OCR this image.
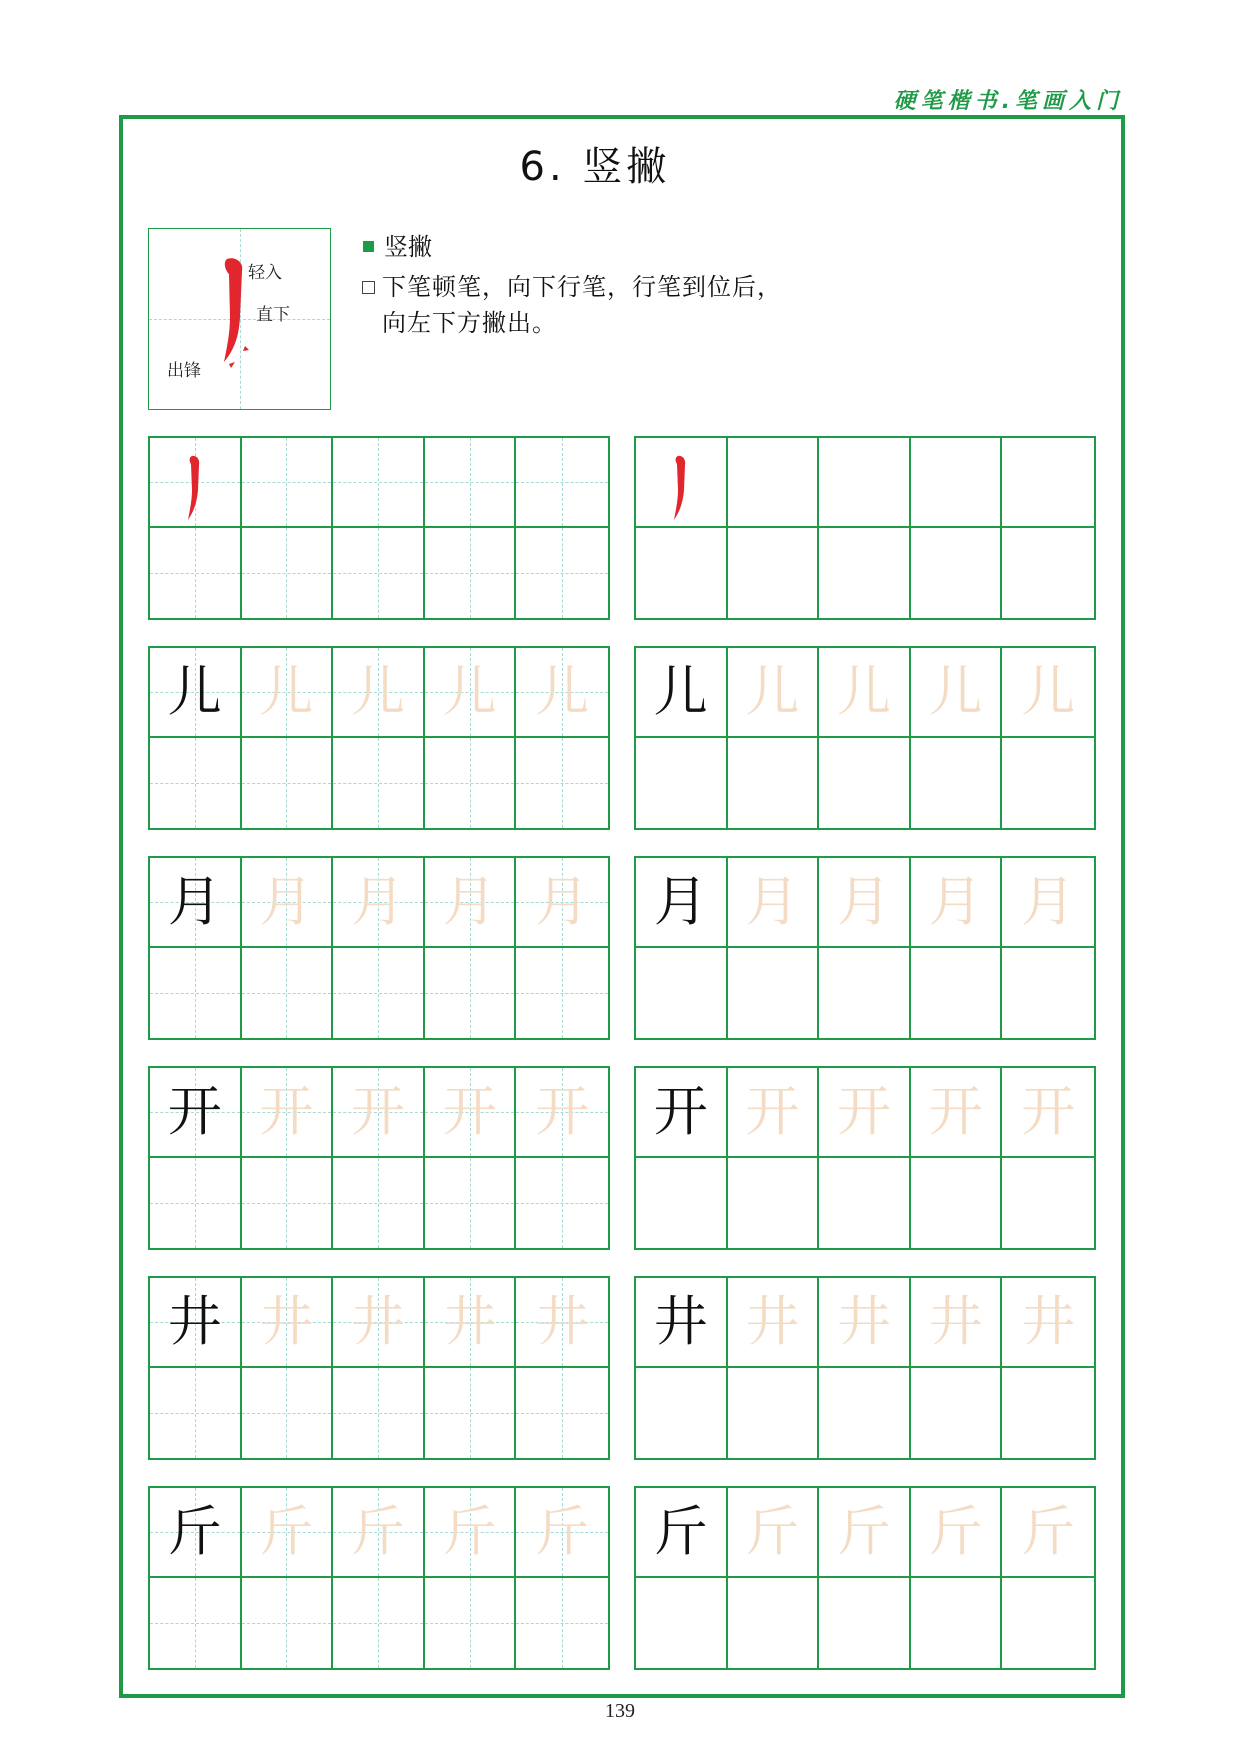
硬笔楷书.笔画入门
6. 竖撇
轻入
直下
出锋
竖撇
下笔顿笔，向下行笔，行笔到位后，
向左下方撇出。
儿 儿 儿 儿 儿 儿 儿 儿 儿 儿
月 月 月 月 月 月 月 月 月 月
开 开 开 开 开 开 开 开 开 开
井 井 井 井 井 井 井 井 井 井
斤 斤 斤 斤 斤 斤 斤 斤 斤 斤
139
